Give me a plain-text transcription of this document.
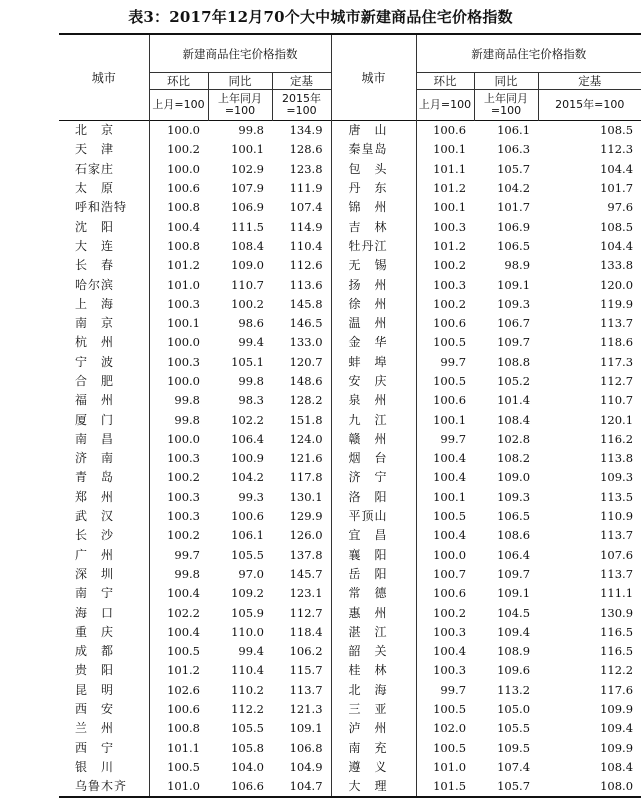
表3：2017年12月70个大中城市新建商品住宅价格指数
城市	新建商品住宅价格指数			城市	新建商品住宅价格指数		
	环比	同比	定基		环比	同比	定基
	上月=100	上年同月=100	2015年=100		上月=100	上年同月=100	2015年=100
北　京	100.0	99.8	134.9	唐　山	100.6	106.1	108.5
天　津	100.2	100.1	128.6	秦皇岛	100.1	106.3	112.3
石家庄	100.0	102.9	123.8	包　头	101.1	105.7	104.4
太　原	100.6	107.9	111.9	丹　东	101.2	104.2	101.7
呼和浩特	100.8	106.9	107.4	锦　州	100.1	101.7	97.6
沈　阳	100.4	111.5	114.9	吉　林	100.3	106.9	108.5
大　连	100.8	108.4	110.4	牡丹江	101.2	106.5	104.4
长　春	101.2	109.0	112.6	无　锡	100.2	98.9	133.8
哈尔滨	101.0	110.7	113.6	扬　州	100.3	109.1	120.0
上　海	100.3	100.2	145.8	徐　州	100.2	109.3	119.9
南　京	100.1	98.6	146.5	温　州	100.6	106.7	113.7
杭　州	100.0	99.4	133.0	金　华	100.5	109.7	118.6
宁　波	100.3	105.1	120.7	蚌　埠	99.7	108.8	117.3
合　肥	100.0	99.8	148.6	安　庆	100.5	105.2	112.7
福　州	99.8	98.3	128.2	泉　州	100.6	101.4	110.7
厦　门	99.8	102.2	151.8	九　江	100.1	108.4	120.1
南　昌	100.0	106.4	124.0	赣　州	99.7	102.8	116.2
济　南	100.3	100.9	121.6	烟　台	100.4	108.2	113.8
青　岛	100.2	104.2	117.8	济　宁	100.4	109.0	109.3
郑　州	100.3	99.3	130.1	洛　阳	100.1	109.3	113.5
武　汉	100.3	100.6	129.9	平顶山	100.5	106.5	110.9
长　沙	100.2	106.1	126.0	宜　昌	100.4	108.6	113.7
广　州	99.7	105.5	137.8	襄　阳	100.0	106.4	107.6
深　圳	99.8	97.0	145.7	岳　阳	100.7	109.7	113.7
南　宁	100.4	109.2	123.1	常　德	100.6	109.1	111.1
海　口	102.2	105.9	112.7	惠　州	100.2	104.5	130.9
重　庆	100.4	110.0	118.4	湛　江	100.3	109.4	116.5
成　都	100.5	99.4	106.2	韶　关	100.4	108.9	116.5
贵　阳	101.2	110.4	115.7	桂　林	100.3	109.6	112.2
昆　明	102.6	110.2	113.7	北　海	99.7	113.2	117.6
西　安	100.6	112.2	121.3	三　亚	100.5	105.0	109.9
兰　州	100.8	105.5	109.1	泸　州	102.0	105.5	109.4
西　宁	101.1	105.8	106.8	南　充	100.5	109.5	109.9
银　川	100.5	104.0	104.9	遵　义	101.0	107.4	108.4
乌鲁木齐	101.0	106.6	104.7	大　理	101.5	105.7	108.0
